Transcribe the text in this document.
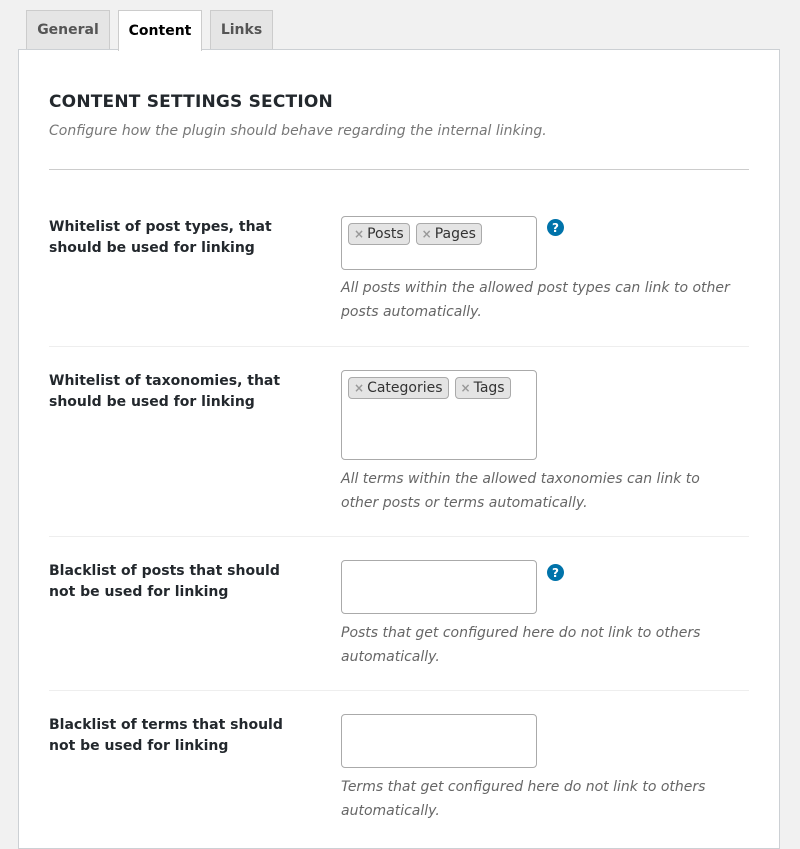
General	Content	Links
CONTENT SETTINGS SECTION

Configure how the plugin should behave regarding the internal linking.

Whitelist of post types, that should be used for linking

× Posts × Pages	?

All posts within the allowed post types can link to other posts automatically.

Whitelist of taxonomies, that should be used for linking

× Categories × Tags

All terms within the allowed taxonomies can link to other posts or terms automatically.

Blacklist of posts that should not be used for linking

?

Posts that get configured here do not link to others automatically.

Blacklist of terms that should not be used for linking

Terms that get configured here do not link to others automatically.
